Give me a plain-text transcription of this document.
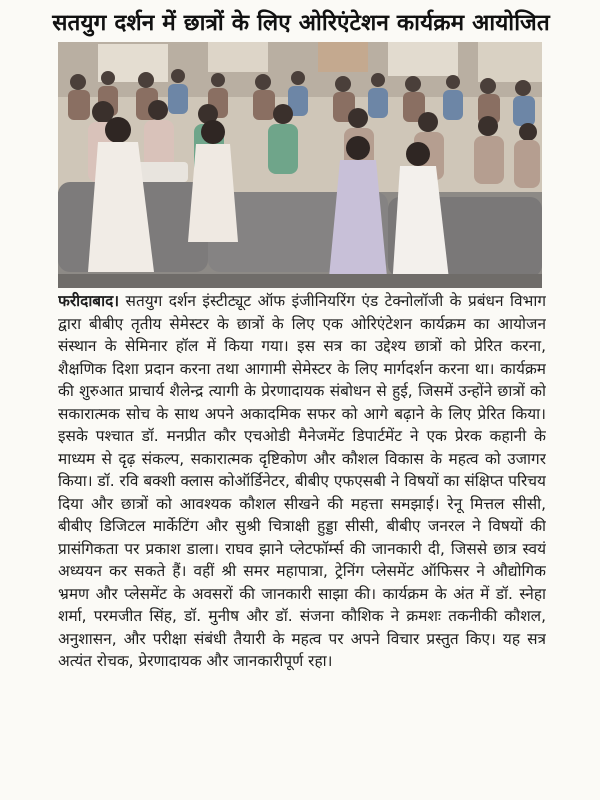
सतयुग दर्शन में छात्रों के लिए ओरिएंटेशन कार्यक्रम आयोजित

फरीदाबाद। सतयुग दर्शन इंस्टीट्यूट ऑफ इंजीनियरिंग एंड टेक्नोलॉजी के प्रबंधन विभाग द्वारा बीबीए तृतीय सेमेस्टर के छात्रों के लिए एक ओरिएंटेशन कार्यक्रम का आयोजन संस्थान के सेमिनार हॉल में किया गया। इस सत्र का उद्देश्य छात्रों को प्रेरित करना, शैक्षणिक दिशा प्रदान करना तथा आगामी सेमेस्टर के लिए मार्गदर्शन करना था। कार्यक्रम की शुरुआत प्राचार्य शैलेन्द्र त्यागी के प्रेरणादायक संबोधन से हुई, जिसमें उन्होंने छात्रों को सकारात्मक सोच के साथ अपने अकादमिक सफर को आगे बढ़ाने के लिए प्रेरित किया। इसके पश्चात डॉ. मनप्रीत कौर एचओडी मैनेजमेंट डिपार्टमेंट ने एक प्रेरक कहानी के माध्यम से दृढ़ संकल्प, सकारात्मक दृष्टिकोण और कौशल विकास के महत्व को उजागर किया। डॉ. रवि बक्शी क्लास कोऑर्डिनेटर, बीबीए एफएसबी ने विषयों का संक्षिप्त परिचय दिया और छात्रों को आवश्यक कौशल सीखने की महत्ता समझाई। रेनू मित्तल सीसी, बीबीए डिजिटल मार्केटिंग और सुश्री चित्राक्षी हुड्डा सीसी, बीबीए जनरल ने विषयों की प्रासंगिकता पर प्रकाश डाला। राघव झाने प्लेटफॉर्म्स की जानकारी दी, जिससे छात्र स्वयं अध्ययन कर सकते हैं। वहीं श्री समर महापात्रा, ट्रेनिंग प्लेसमेंट ऑफिसर ने औद्योगिक भ्रमण और प्लेसमेंट के अवसरों की जानकारी साझा की। कार्यक्रम के अंत में डॉ. स्नेहा शर्मा, परमजीत सिंह, डॉ. मुनीष और डॉ. संजना कौशिक ने क्रमशः तकनीकी कौशल, अनुशासन, और परीक्षा संबंधी तैयारी के महत्व पर अपने विचार प्रस्तुत किए। यह सत्र अत्यंत रोचक, प्रेरणादायक और जानकारीपूर्ण रहा।
